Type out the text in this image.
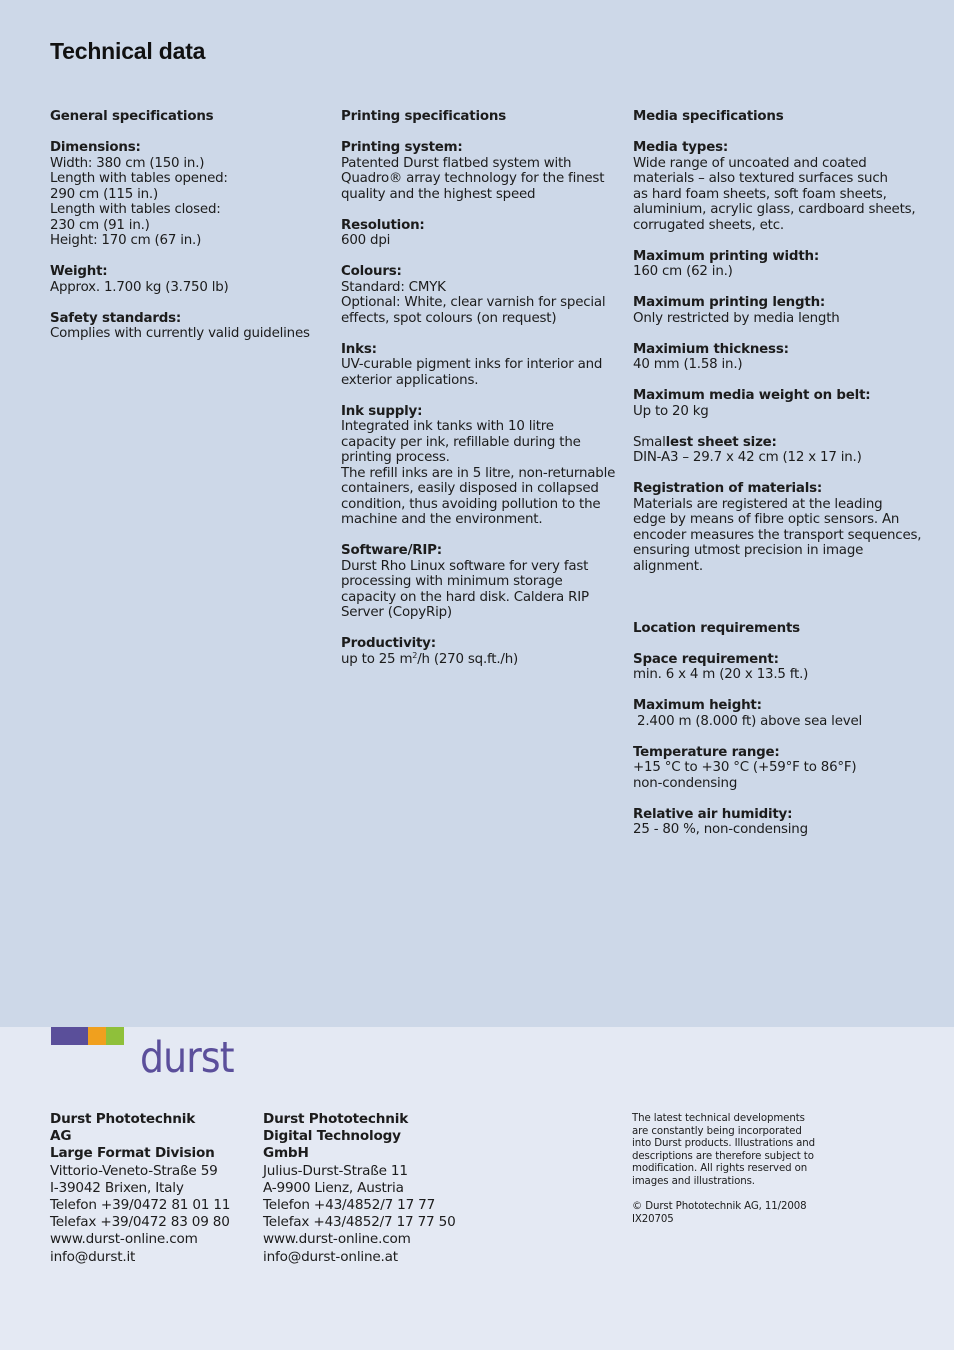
Technical data
General specifications
Dimensions:
Width: 380 cm (150 in.)
Length with tables opened:
290 cm (115 in.)
Length with tables closed:
230 cm (91 in.)
Height: 170 cm (67 in.)
Weight:
Approx. 1.700 kg (3.750 lb)
Safety standards:
Complies with currently valid guidelines
Printing specifications
Printing system:
Patented Durst flatbed system with
Quadro® array technology for the finest
quality and the highest speed
Resolution:
600 dpi
Colours:
Standard: CMYK
Optional: White, clear varnish for special
effects, spot colours (on request)
Inks:
UV-curable pigment inks for interior and
exterior applications.
Ink supply:
Integrated ink tanks with 10 litre
capacity per ink, refillable during the
printing process.
The refill inks are in 5 litre, non-returnable
containers, easily disposed in collapsed
condition, thus avoiding pollution to the
machine and the environment.
Software/RIP:
Durst Rho Linux software for very fast
processing with minimum storage
capacity on the hard disk. Caldera RIP
Server (CopyRip)
Productivity:
up to 25 $m^2/h$ (270 sq.ft./h)
Media specifications
Media types:
Wide range of uncoated and coated
materials – also textured surfaces such
as hard foam sheets, soft foam sheets,
aluminium, acrylic glass, cardboard sheets,
corrugated sheets, etc.
Maximum printing width:
160 cm (62 in.)
Maximum printing length:
Only restricted by media length
Maximium thickness:
40 mm (1.58 in.)
Maximum media weight on belt:
Up to 20 kg
Smallest sheet size:
DIN-A3 – 29.7 x 42 cm (12 x 17 in.)
Registration of materials:
Materials are registered at the leading
edge by means of fibre optic sensors. An
encoder measures the transport sequences,
ensuring utmost precision in image
alignment.
Location requirements
Space requirement:
min. 6 x 4 m (20 x 13.5 ft.)
Maximum height:
2.400 m (8.000 ft) above sea level
Temperature range:
+15 °C to +30 °C (+59°F to 86°F)
non-condensing
Relative air humidity:
25 - 80 %, non-condensing
durst
Durst Phototechnik
AG
Large Format Division
Vittorio-Veneto-Straße 59
I-39042 Brixen, Italy
Telefon +39/0472 81 01 11
Telefax +39/0472 83 09 80
www.durst-online.com
info@durst.it
Durst Phototechnik
Digital Technology
GmbH
Julius-Durst-Straße 11
A-9900 Lienz, Austria
Telefon +43/4852/7 17 77
Telefax +43/4852/7 17 77 50
www.durst-online.com
info@durst-online.at
The latest technical developments
are constantly being incorporated
into Durst products. Illustrations and
descriptions are therefore subject to
modification. All rights reserved on
images and illustrations.
© Durst Phototechnik AG, 11/2008
IX20705
